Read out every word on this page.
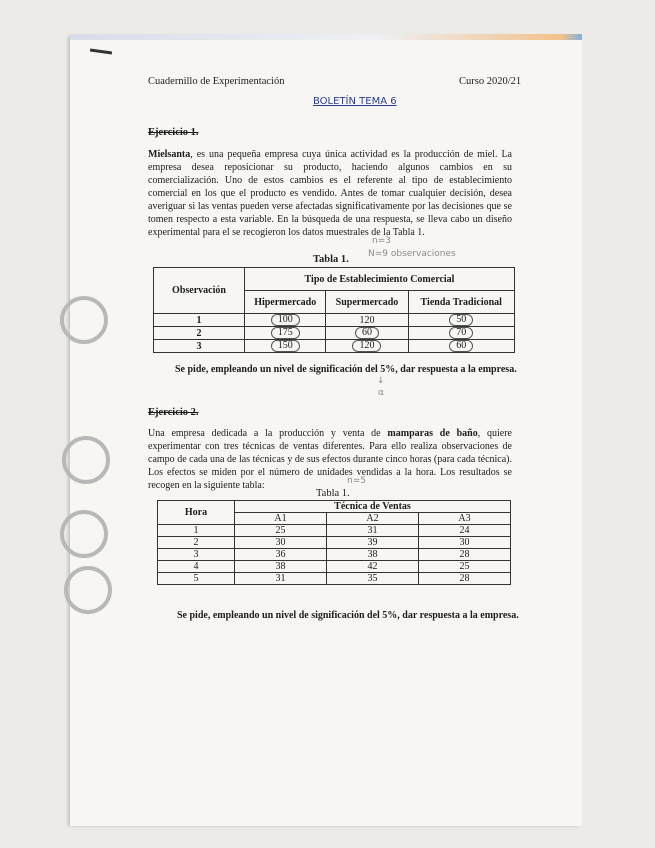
Cuadernillo de Experimentación	Curso 2020/21
BOLETÍN TEMA 6
Ejercicio 1.
Mielsanta, es una pequeña empresa cuya única actividad es la producción de miel. La empresa desea reposicionar su producto, haciendo algunos cambios en su comercialización. Uno de estos cambios es el referente al tipo de establecimiento comercial en los que el producto es vendido. Antes de tomar cualquier decisión, desea averiguar si las ventas pueden verse afectadas significativamente por las decisiones que se tomen respecto a esta variable. En la búsqueda de una respuesta, se lleva cabo un diseño experimental para el se recogieron los datos muestrales de la Tabla 1.
n=3
N=9 observaciones
Tabla 1.
Observación	Tipo de Establecimiento Comercial		
	Hipermercado	Supermercado	Tienda Tradicional
1	100	120	50
2	175	60	70
3	150	120	60
Se pide, empleando un nivel de significación del 5%, dar respuesta a la empresa.
↓
α
Ejercicio 2.
Una empresa dedicada a la producción y venta de mamparas de baño, quiere experimentar con tres técnicas de ventas diferentes. Para ello realiza observaciones de campo de cada una de las técnicas y de sus efectos durante cinco horas (para cada técnica). Los efectos se miden por el número de unidades vendidas a la hora. Los resultados se recogen en la siguiente tabla:	n=5
Tabla 1.
Hora	Técnica de Ventas		
	A1	A2	A3
1	25	31	24
2	30	39	30
3	36	38	28
4	38	42	25
5	31	35	28
Se pide, empleando un nivel de significación del 5%, dar respuesta a la empresa.
